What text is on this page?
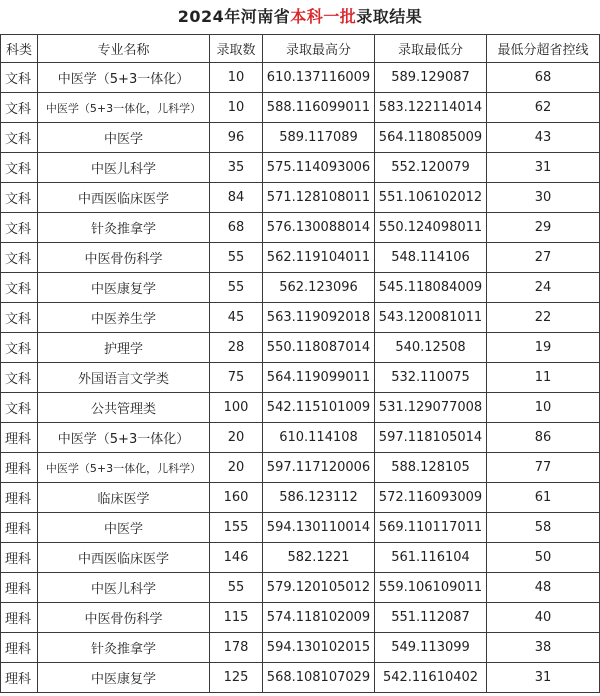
2024年河南省本科一批录取结果
科类	专业名称	录取数	录取最高分	录取最低分	最低分超省控线
文科	中医学（5+3一体化）	10	610.137116009	589.129087	68
文科	中医学（5+3一体化，儿科学）	10	588.116099011	583.122114014	62
文科	中医学	96	589.117089	564.118085009	43
文科	中医儿科学	35	575.114093006	552.120079	31
文科	中西医临床医学	84	571.128108011	551.106102012	30
文科	针灸推拿学	68	576.130088014	550.124098011	29
文科	中医骨伤科学	55	562.119104011	548.114106	27
文科	中医康复学	55	562.123096	545.118084009	24
文科	中医养生学	45	563.119092018	543.120081011	22
文科	护理学	28	550.118087014	540.12508	19
文科	外国语言文学类	75	564.119099011	532.110075	11
文科	公共管理类	100	542.115101009	531.129077008	10
理科	中医学（5+3一体化）	20	610.114108	597.118105014	86
理科	中医学（5+3一体化，儿科学）	20	597.117120006	588.128105	77
理科	临床医学	160	586.123112	572.116093009	61
理科	中医学	155	594.130110014	569.110117011	58
理科	中西医临床医学	146	582.1221	561.116104	50
理科	中医儿科学	55	579.120105012	559.106109011	48
理科	中医骨伤科学	115	574.118102009	551.112087	40
理科	针灸推拿学	178	594.130102015	549.113099	38
理科	中医康复学	125	568.108107029	542.11610402	31
